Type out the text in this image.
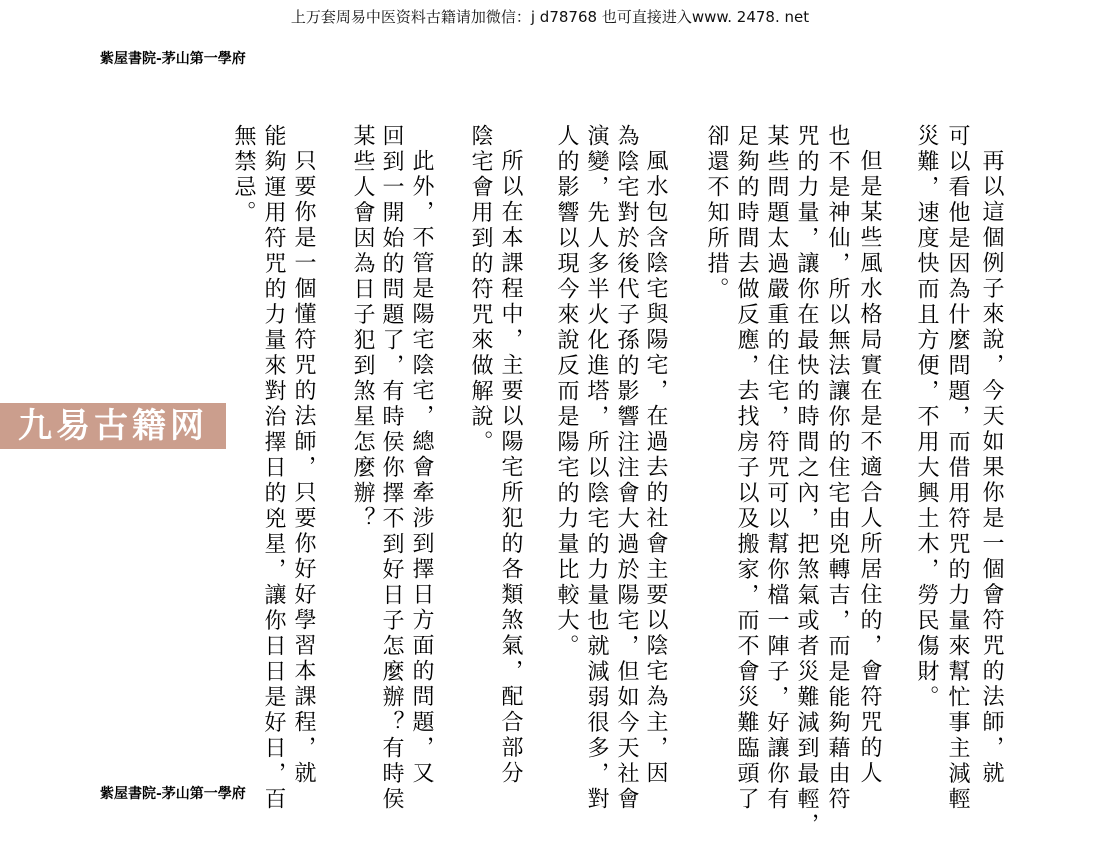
上万套周易中医资料古籍请加微信：j d78768 也可直接进入www. 2478. net
紫屋書院-茅山第一學府
再以這個例子來說，今天如果你是一個會符咒的法師，就
可以看他是因為什麼問題，而借用符咒的力量來幫忙事主減輕
災難，速度快而且方便，不用大興土木，勞民傷財。
但是某些風水格局實在是不適合人所居住的，會符咒的人
也不是神仙，所以無法讓你的住宅由兇轉吉，而是能夠藉由符
咒的力量，讓你在最快的時間之內，把煞氣或者災難減到最輕，
某些問題太過嚴重的住宅，符咒可以幫你檔一陣子，好讓你有
足夠的時間去做反應，去找房子以及搬家，而不會災難臨頭了
卻還不知所措。
風水包含陰宅與陽宅，在過去的社會主要以陰宅為主，因
為陰宅對於後代子孫的影響注注會大過於陽宅，但如今天社會
演變，先人多半火化進塔，所以陰宅的力量也就減弱很多，對
人的影響以現今來說反而是陽宅的力量比較大。
所以在本課程中，主要以陽宅所犯的各類煞氣，配合部分
陰宅會用到的符咒來做解說。
此外，不管是陽宅陰宅，總會牽涉到擇日方面的問題，又
回到一開始的問題了，有時侯你擇不到好日子怎麼辦？有時侯
某些人會因為日子犯到煞星怎麼辦？
只要你是一個懂符咒的法師，只要你好好學習本課程，就
能夠運用符咒的力量來對治擇日的兇星，讓你日日是好日，百
無禁忌。
九易古籍网
紫屋書院-茅山第一學府
